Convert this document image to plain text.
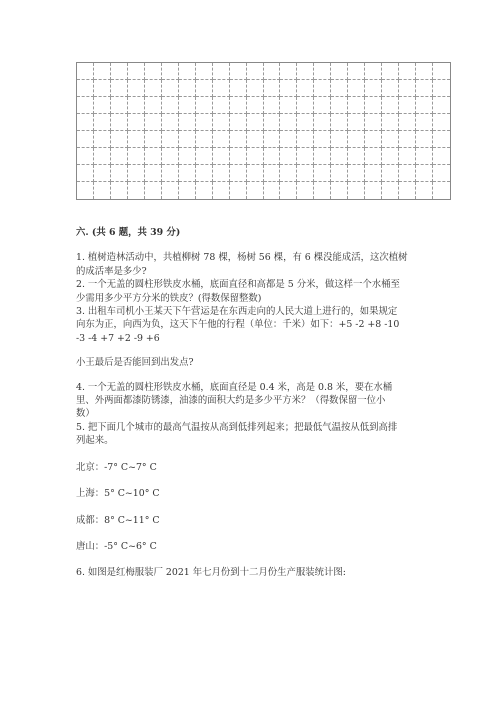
六. (共 6 题，共 39 分)

1. 植树造林活动中，共植柳树 78 棵，杨树 56 棵，有 6 棵没能成活，这次植树

的成活率是多少?

2. 一个无盖的圆柱形铁皮水桶，底面直径和高都是 5 分米，做这样一个水桶至

少需用多少平方分米的铁皮？(得数保留整数)

3. 出租车司机小王某天下午营运是在东西走向的人民大道上进行的，如果规定

向东为正，向西为负，这天下午他的行程（单位：千米）如下：+5 -2 +8 -10

-3 -4 +7 +2 -9 +6

小王最后是否能回到出发点?

4. 一个无盖的圆柱形铁皮水桶，底面直径是 0.4 米，高是 0.8 米，要在水桶

里、外两面都漆防锈漆，油漆的面积大约是多少平方米？（得数保留一位小

数）

5. 把下面几个城市的最高气温按从高到低排列起来；把最低气温按从低到高排

列起来。

北京：-7° C~7° C

上海：5° C~10° C

成都：8° C~11° C

唐山：-5° C~6° C

6. 如图是红梅服装厂 2021 年七月份到十二月份生产服装统计图:
